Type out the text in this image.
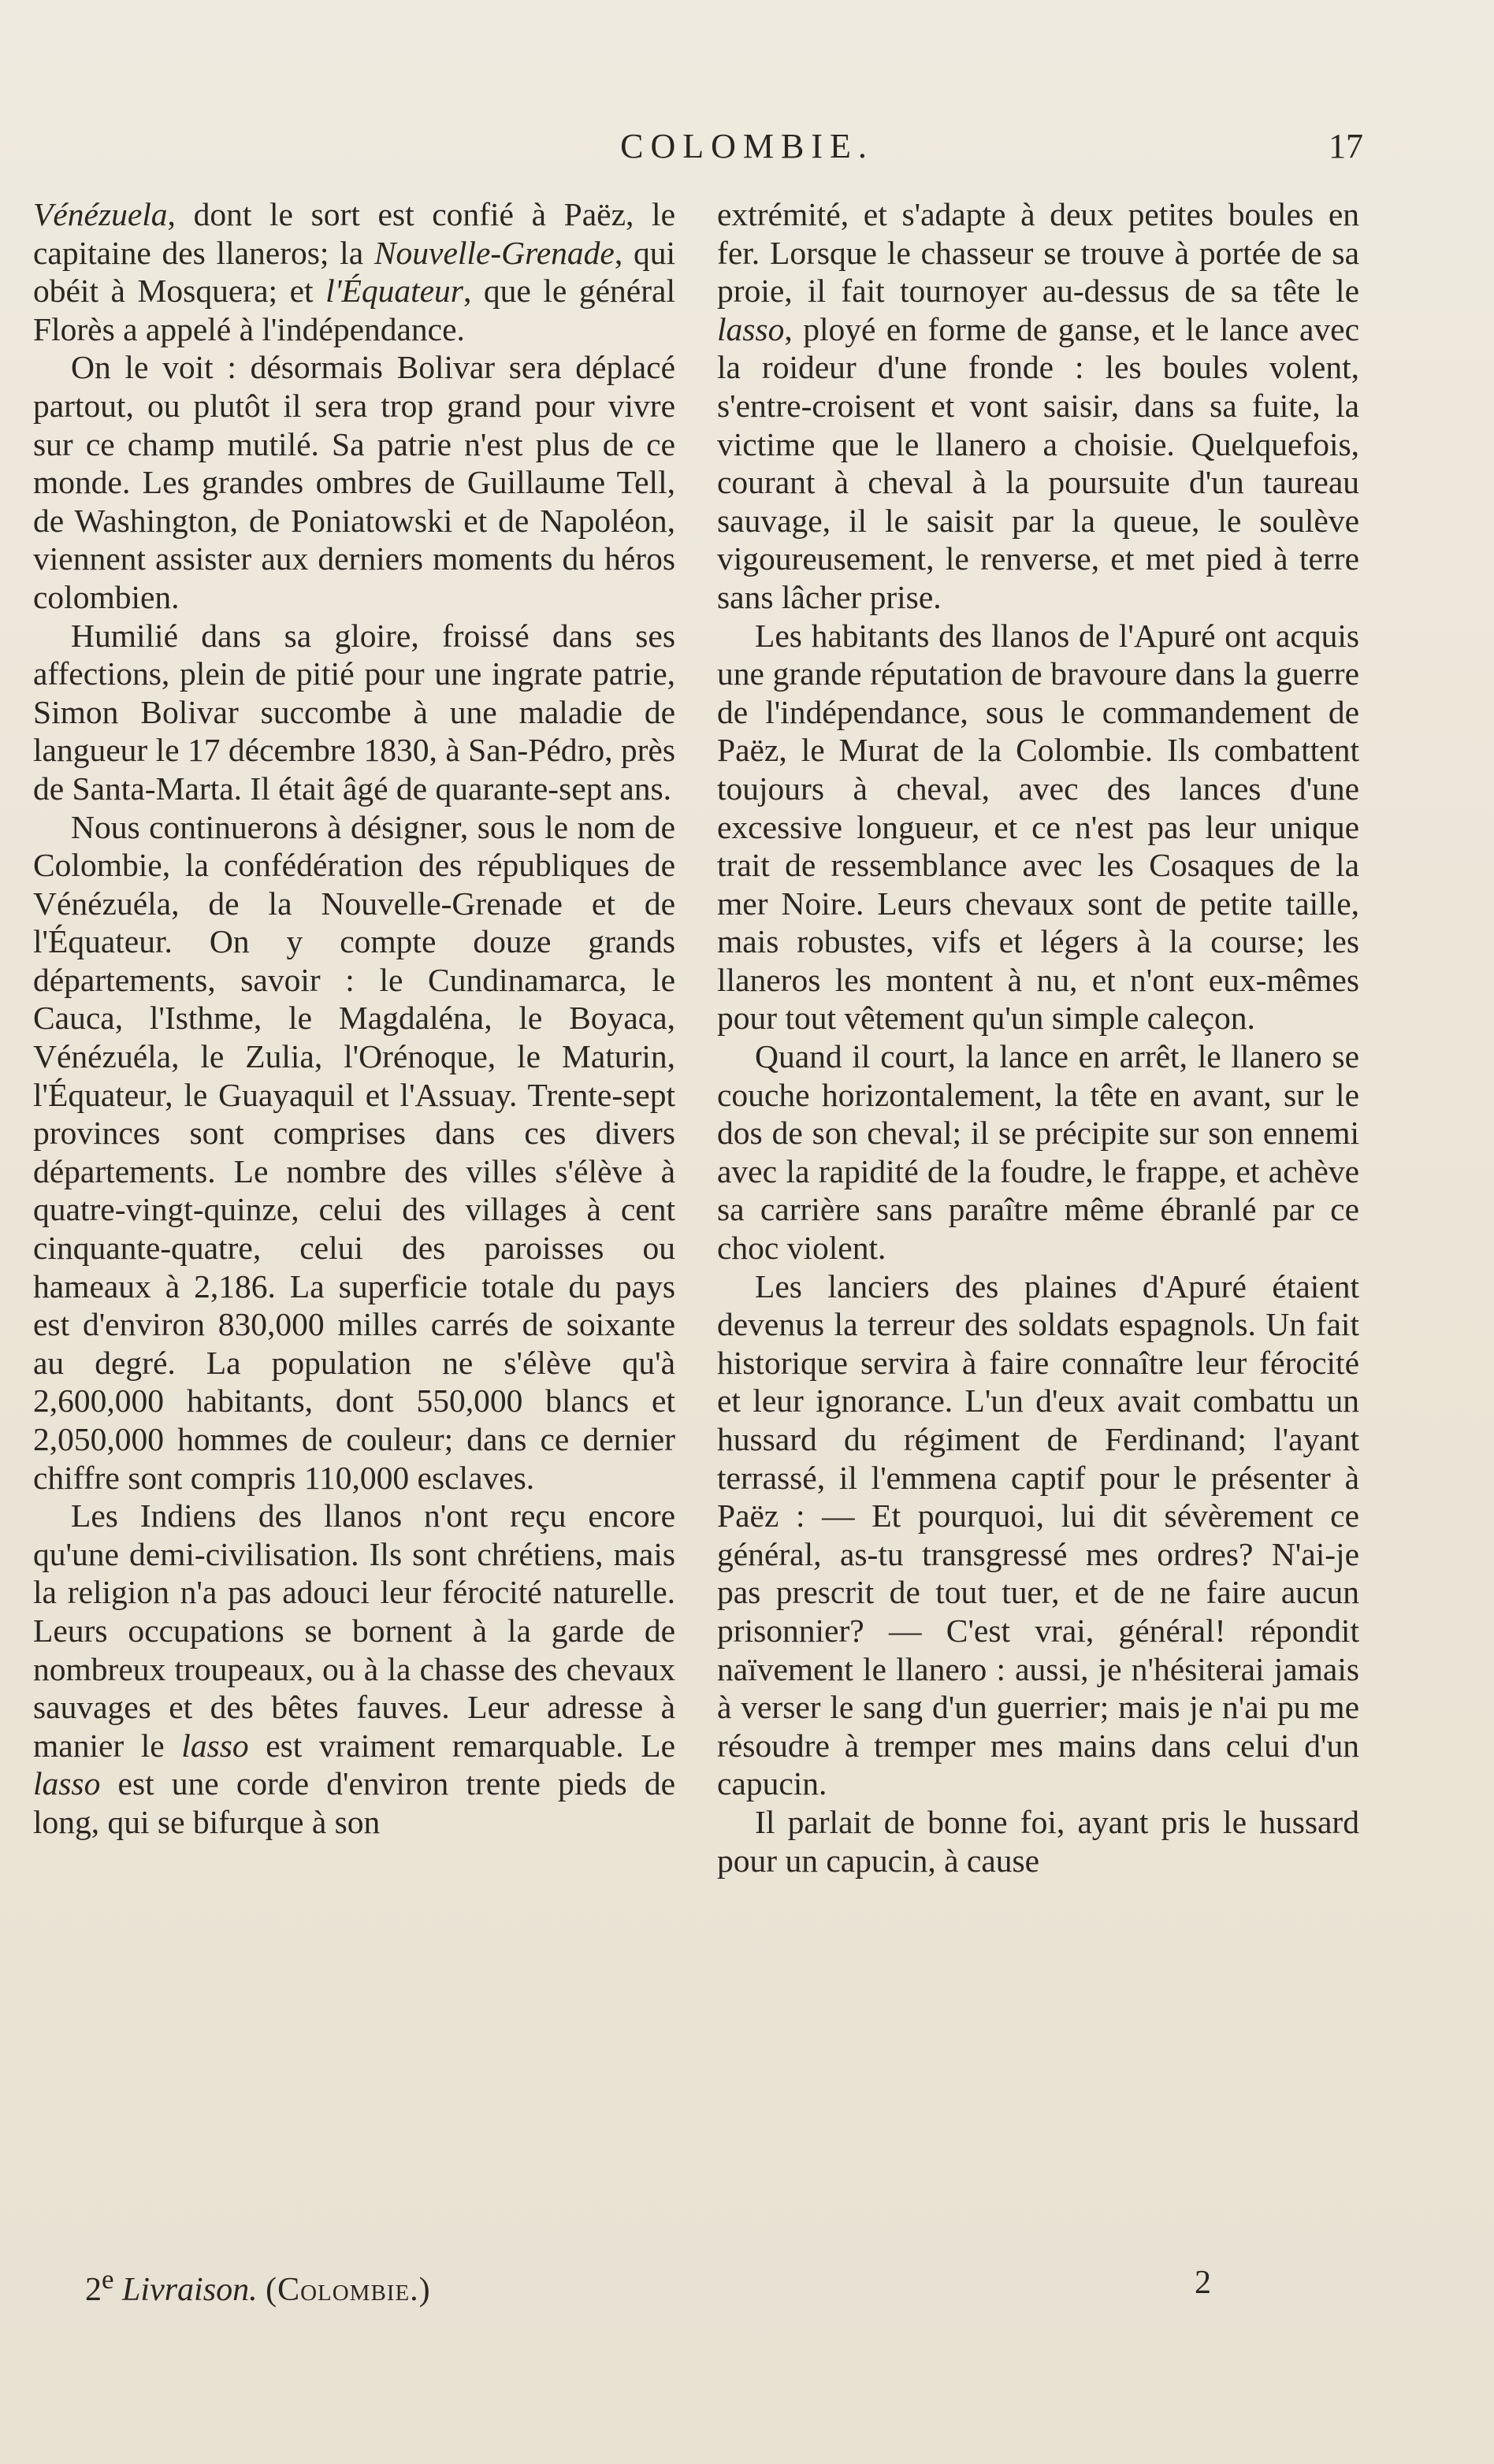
COLOMBIE.	17

Vénézuela, dont le sort est confié à Paëz, le capitaine des llaneros; la Nouvelle-Grenade, qui obéit à Mosquera; et l'Équateur, que le général Florès a appelé à l'indépendance.

On le voit : désormais Bolivar sera déplacé partout, ou plutôt il sera trop grand pour vivre sur ce champ mutilé. Sa patrie n'est plus de ce monde. Les grandes ombres de Guillaume Tell, de Washington, de Poniatowski et de Napoléon, viennent assister aux derniers moments du héros colombien.

Humilié dans sa gloire, froissé dans ses affections, plein de pitié pour une ingrate patrie, Simon Bolivar succombe à une maladie de langueur le 17 décembre 1830, à San-Pédro, près de Santa-Marta. Il était âgé de quarante-sept ans.

Nous continuerons à désigner, sous le nom de Colombie, la confédération des républiques de Vénézuéla, de la Nouvelle-Grenade et de l'Équateur. On y compte douze grands départements, savoir : le Cundinamarca, le Cauca, l'Isthme, le Magdaléna, le Boyaca, Vénézuéla, le Zulia, l'Orénoque, le Maturin, l'Équateur, le Guayaquil et l'Assuay. Trente-sept provinces sont comprises dans ces divers départements. Le nombre des villes s'élève à quatre-vingt-quinze, celui des villages à cent cinquante-quatre, celui des paroisses ou hameaux à 2,186. La superficie totale du pays est d'environ 830,000 milles carrés de soixante au degré. La population ne s'élève qu'à 2,600,000 habitants, dont 550,000 blancs et 2,050,000 hommes de couleur; dans ce dernier chiffre sont compris 110,000 esclaves.

Les Indiens des llanos n'ont reçu encore qu'une demi-civilisation. Ils sont chrétiens, mais la religion n'a pas adouci leur férocité naturelle. Leurs occupations se bornent à la garde de nombreux troupeaux, ou à la chasse des chevaux sauvages et des bêtes fauves. Leur adresse à manier le lasso est vraiment remarquable. Le lasso est une corde d'environ trente pieds de long, qui se bifurque à son

extrémité, et s'adapte à deux petites boules en fer. Lorsque le chasseur se trouve à portée de sa proie, il fait tournoyer au-dessus de sa tête le lasso, ployé en forme de ganse, et le lance avec la roideur d'une fronde : les boules volent, s'entre-croisent et vont saisir, dans sa fuite, la victime que le llanero a choisie. Quelquefois, courant à cheval à la poursuite d'un taureau sauvage, il le saisit par la queue, le soulève vigoureusement, le renverse, et met pied à terre sans lâcher prise.

Les habitants des llanos de l'Apuré ont acquis une grande réputation de bravoure dans la guerre de l'indépendance, sous le commandement de Paëz, le Murat de la Colombie. Ils combattent toujours à cheval, avec des lances d'une excessive longueur, et ce n'est pas leur unique trait de ressemblance avec les Cosaques de la mer Noire. Leurs chevaux sont de petite taille, mais robustes, vifs et légers à la course; les llaneros les montent à nu, et n'ont eux-mêmes pour tout vêtement qu'un simple caleçon.

Quand il court, la lance en arrêt, le llanero se couche horizontalement, la tête en avant, sur le dos de son cheval; il se précipite sur son ennemi avec la rapidité de la foudre, le frappe, et achève sa carrière sans paraître même ébranlé par ce choc violent.

Les lanciers des plaines d'Apuré étaient devenus la terreur des soldats espagnols. Un fait historique servira à faire connaître leur férocité et leur ignorance. L'un d'eux avait combattu un hussard du régiment de Ferdinand; l'ayant terrassé, il l'emmena captif pour le présenter à Paëz : — Et pourquoi, lui dit sévèrement ce général, as-tu transgressé mes ordres? N'ai-je pas prescrit de tout tuer, et de ne faire aucun prisonnier? — C'est vrai, général! répondit naïvement le llanero : aussi, je n'hésiterai jamais à verser le sang d'un guerrier; mais je n'ai pu me résoudre à tremper mes mains dans celui d'un capucin.

Il parlait de bonne foi, ayant pris le hussard pour un capucin, à cause

2e Livraison. (Colombie.)	2
